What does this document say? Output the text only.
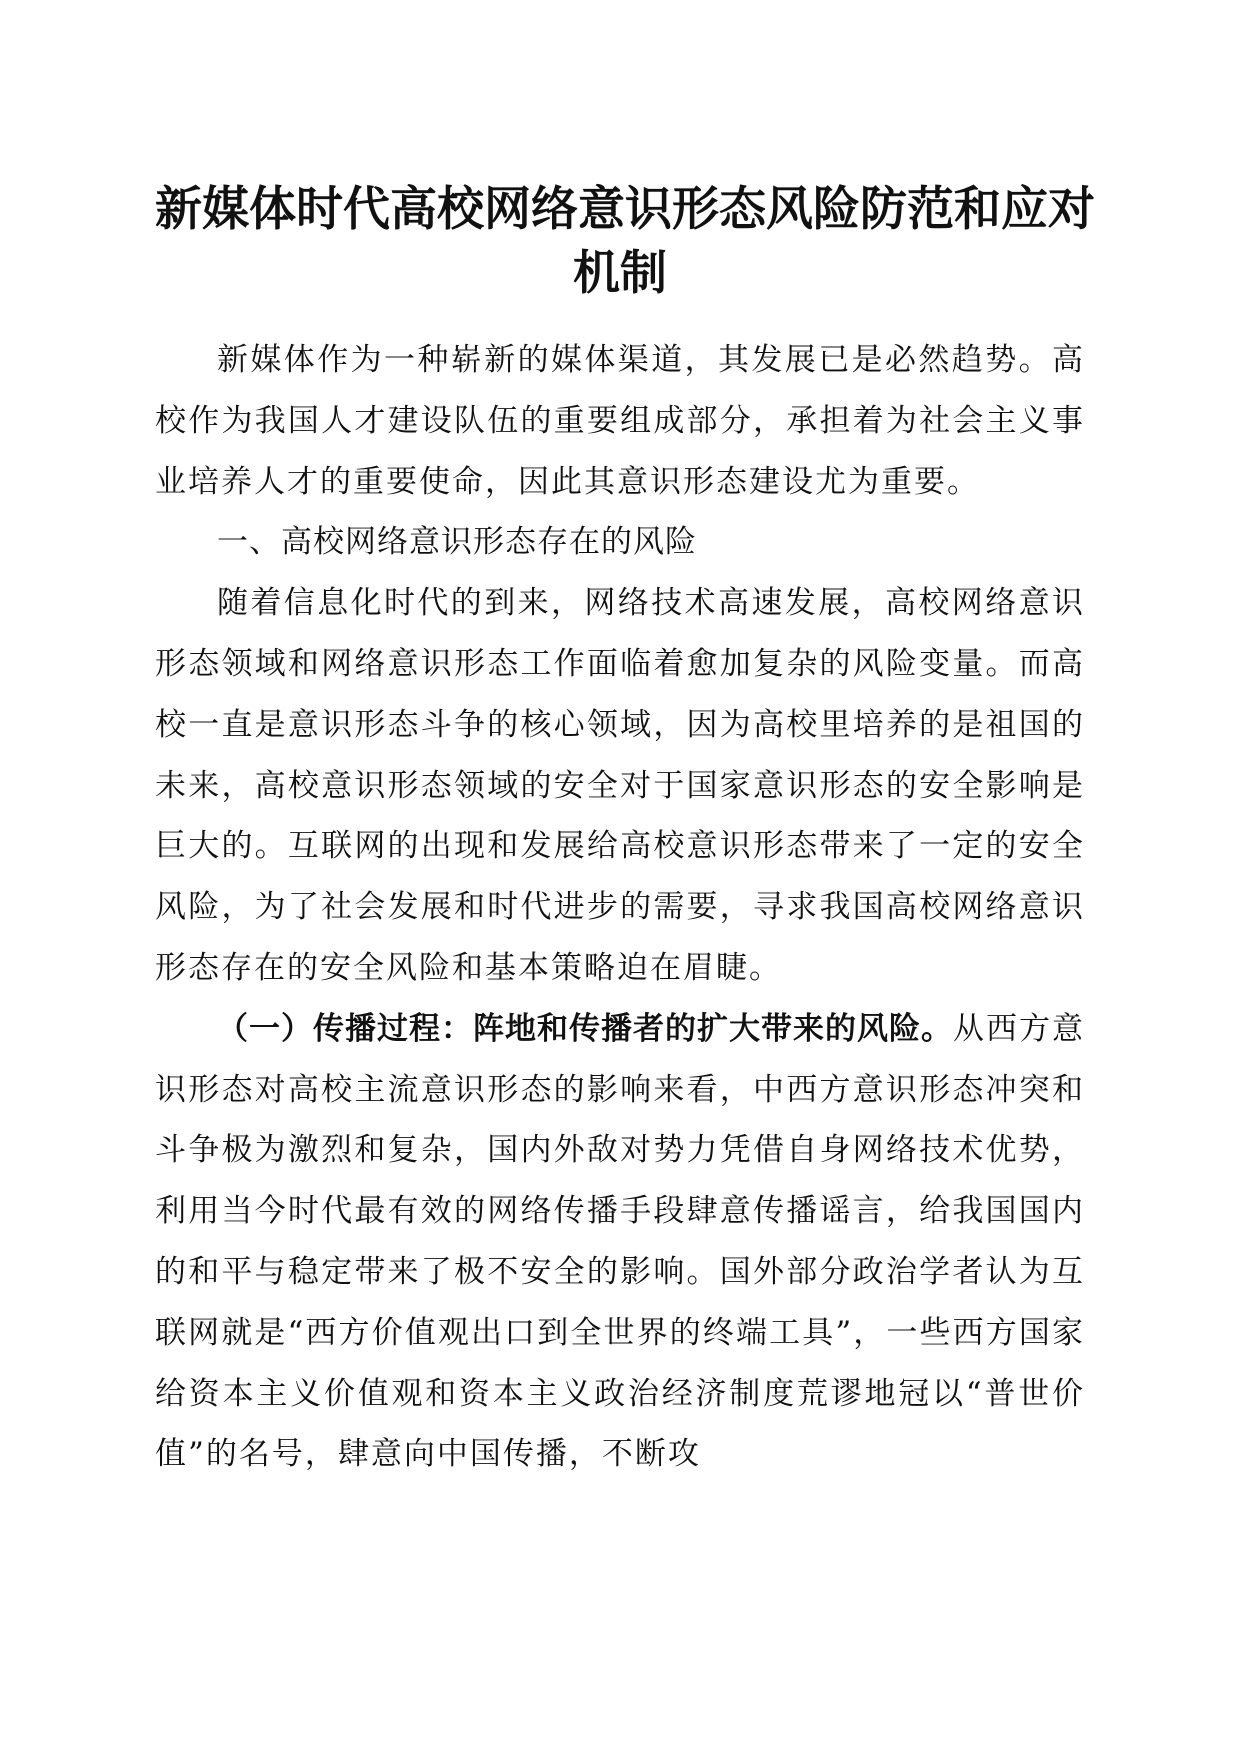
新媒体时代高校网络意识形态风险防范和应对
机制

新媒体作为一种崭新的媒体渠道，其发展已是必然趋势。高校作为我国人才建设队伍的重要组成部分，承担着为社会主义事业培养人才的重要使命，因此其意识形态建设尤为重要。

一、高校网络意识形态存在的风险

随着信息化时代的到来，网络技术高速发展，高校网络意识形态领域和网络意识形态工作面临着愈加复杂的风险变量。而高校一直是意识形态斗争的核心领域，因为高校里培养的是祖国的未来，高校意识形态领域的安全对于国家意识形态的安全影响是巨大的。互联网的出现和发展给高校意识形态带来了一定的安全风险，为了社会发展和时代进步的需要，寻求我国高校网络意识形态存在的安全风险和基本策略迫在眉睫。

（一）传播过程：阵地和传播者的扩大带来的风险。从西方意识形态对高校主流意识形态的影响来看，中西方意识形态冲突和斗争极为激烈和复杂，国内外敌对势力凭借自身网络技术优势，利用当今时代最有效的网络传播手段肆意传播谣言，给我国国内的和平与稳定带来了极不安全的影响。国外部分政治学者认为互联网就是“西方价值观出口到全世界的终端工具”，一些西方国家给资本主义价值观和资本主义政治经济制度荒谬地冠以“普世价值”的名号，肆意向中国传播，不断攻
